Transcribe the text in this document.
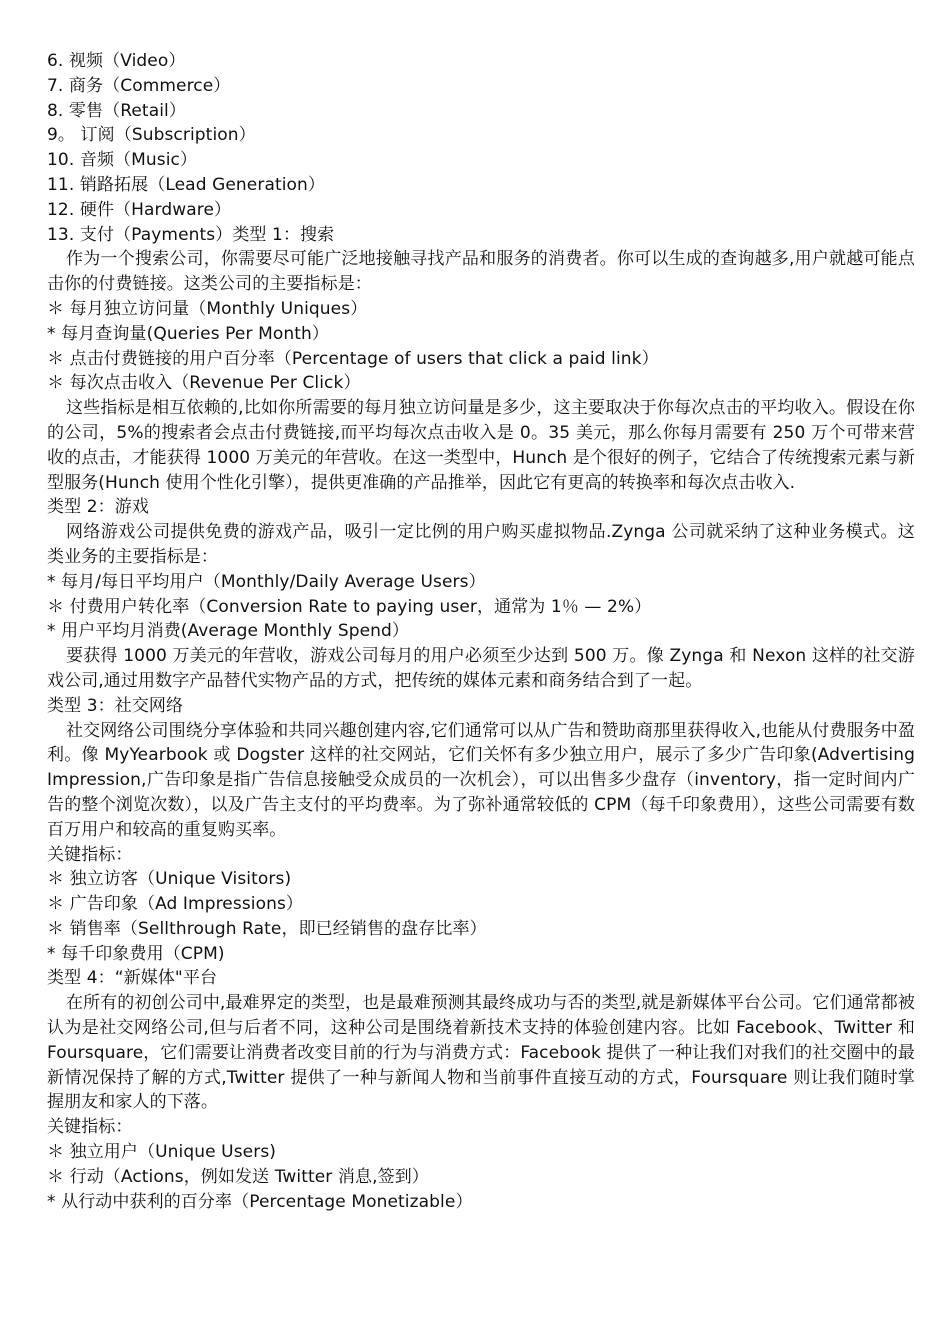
6. 视频（Video）
7. 商务（Commerce）
8. 零售（Retail）
9。 订阅（Subscription）
10. 音频（Music）
11. 销路拓展（Lead Generation）
12. 硬件（Hardware）
13. 支付（Payments）类型 1：搜索
作为一个搜索公司，你需要尽可能广泛地接触寻找产品和服务的消费者。你可以生成的查询越多,用户就越可能点击你的付费链接。这类公司的主要指标是：
＊ 每月独立访问量（Monthly Uniques）
* 每月查询量(Queries Per Month）
＊ 点击付费链接的用户百分率（Percentage of users that click a paid link）
＊ 每次点击收入（Revenue Per Click）
这些指标是相互依赖的,比如你所需要的每月独立访问量是多少，这主要取决于你每次点击的平均收入。假设在你的公司，5%的搜索者会点击付费链接,而平均每次点击收入是 0。35 美元，那么你每月需要有 250 万个可带来营收的点击，才能获得 1000 万美元的年营收。在这一类型中，Hunch 是个很好的例子，它结合了传统搜索元素与新型服务(Hunch 使用个性化引擎），提供更准确的产品推举，因此它有更高的转换率和每次点击收入.
类型 2：游戏
网络游戏公司提供免费的游戏产品，吸引一定比例的用户购买虚拟物品.Zynga 公司就采纳了这种业务模式。这类业务的主要指标是：
* 每月/每日平均用户（Monthly/Daily Average Users）
＊ 付费用户转化率（Conversion Rate to paying user，通常为 1％ — 2%）
* 用户平均月消费(Average Monthly Spend）
要获得 1000 万美元的年营收，游戏公司每月的用户必须至少达到 500 万。像 Zynga 和 Nexon 这样的社交游戏公司,通过用数字产品替代实物产品的方式，把传统的媒体元素和商务结合到了一起。
类型 3：社交网络
社交网络公司围绕分享体验和共同兴趣创建内容,它们通常可以从广告和赞助商那里获得收入,也能从付费服务中盈利。像 MyYearbook 或 Dogster 这样的社交网站，它们关怀有多少独立用户，展示了多少广告印象(Advertising Impression,广告印象是指广告信息接触受众成员的一次机会），可以出售多少盘存（inventory，指一定时间内广告的整个浏览次数），以及广告主支付的平均费率。为了弥补通常较低的 CPM（每千印象费用），这些公司需要有数百万用户和较高的重复购买率。
关键指标：
＊ 独立访客（Unique Visitors)
＊ 广告印象（Ad Impressions）
＊ 销售率（Sellthrough Rate，即已经销售的盘存比率）
* 每千印象费用（CPM)
类型 4：“新媒体"平台
在所有的初创公司中,最难界定的类型，也是最难预测其最终成功与否的类型,就是新媒体平台公司。它们通常都被认为是社交网络公司,但与后者不同，这种公司是围绕着新技术支持的体验创建内容。比如 Facebook、Twitter 和 Foursquare，它们需要让消费者改变目前的行为与消费方式：Facebook 提供了一种让我们对我们的社交圈中的最新情况保持了解的方式,Twitter 提供了一种与新闻人物和当前事件直接互动的方式，Foursquare 则让我们随时掌握朋友和家人的下落。
关键指标：
＊ 独立用户（Unique Users)
＊ 行动（Actions，例如发送 Twitter 消息,签到）
* 从行动中获利的百分率（Percentage Monetizable）
